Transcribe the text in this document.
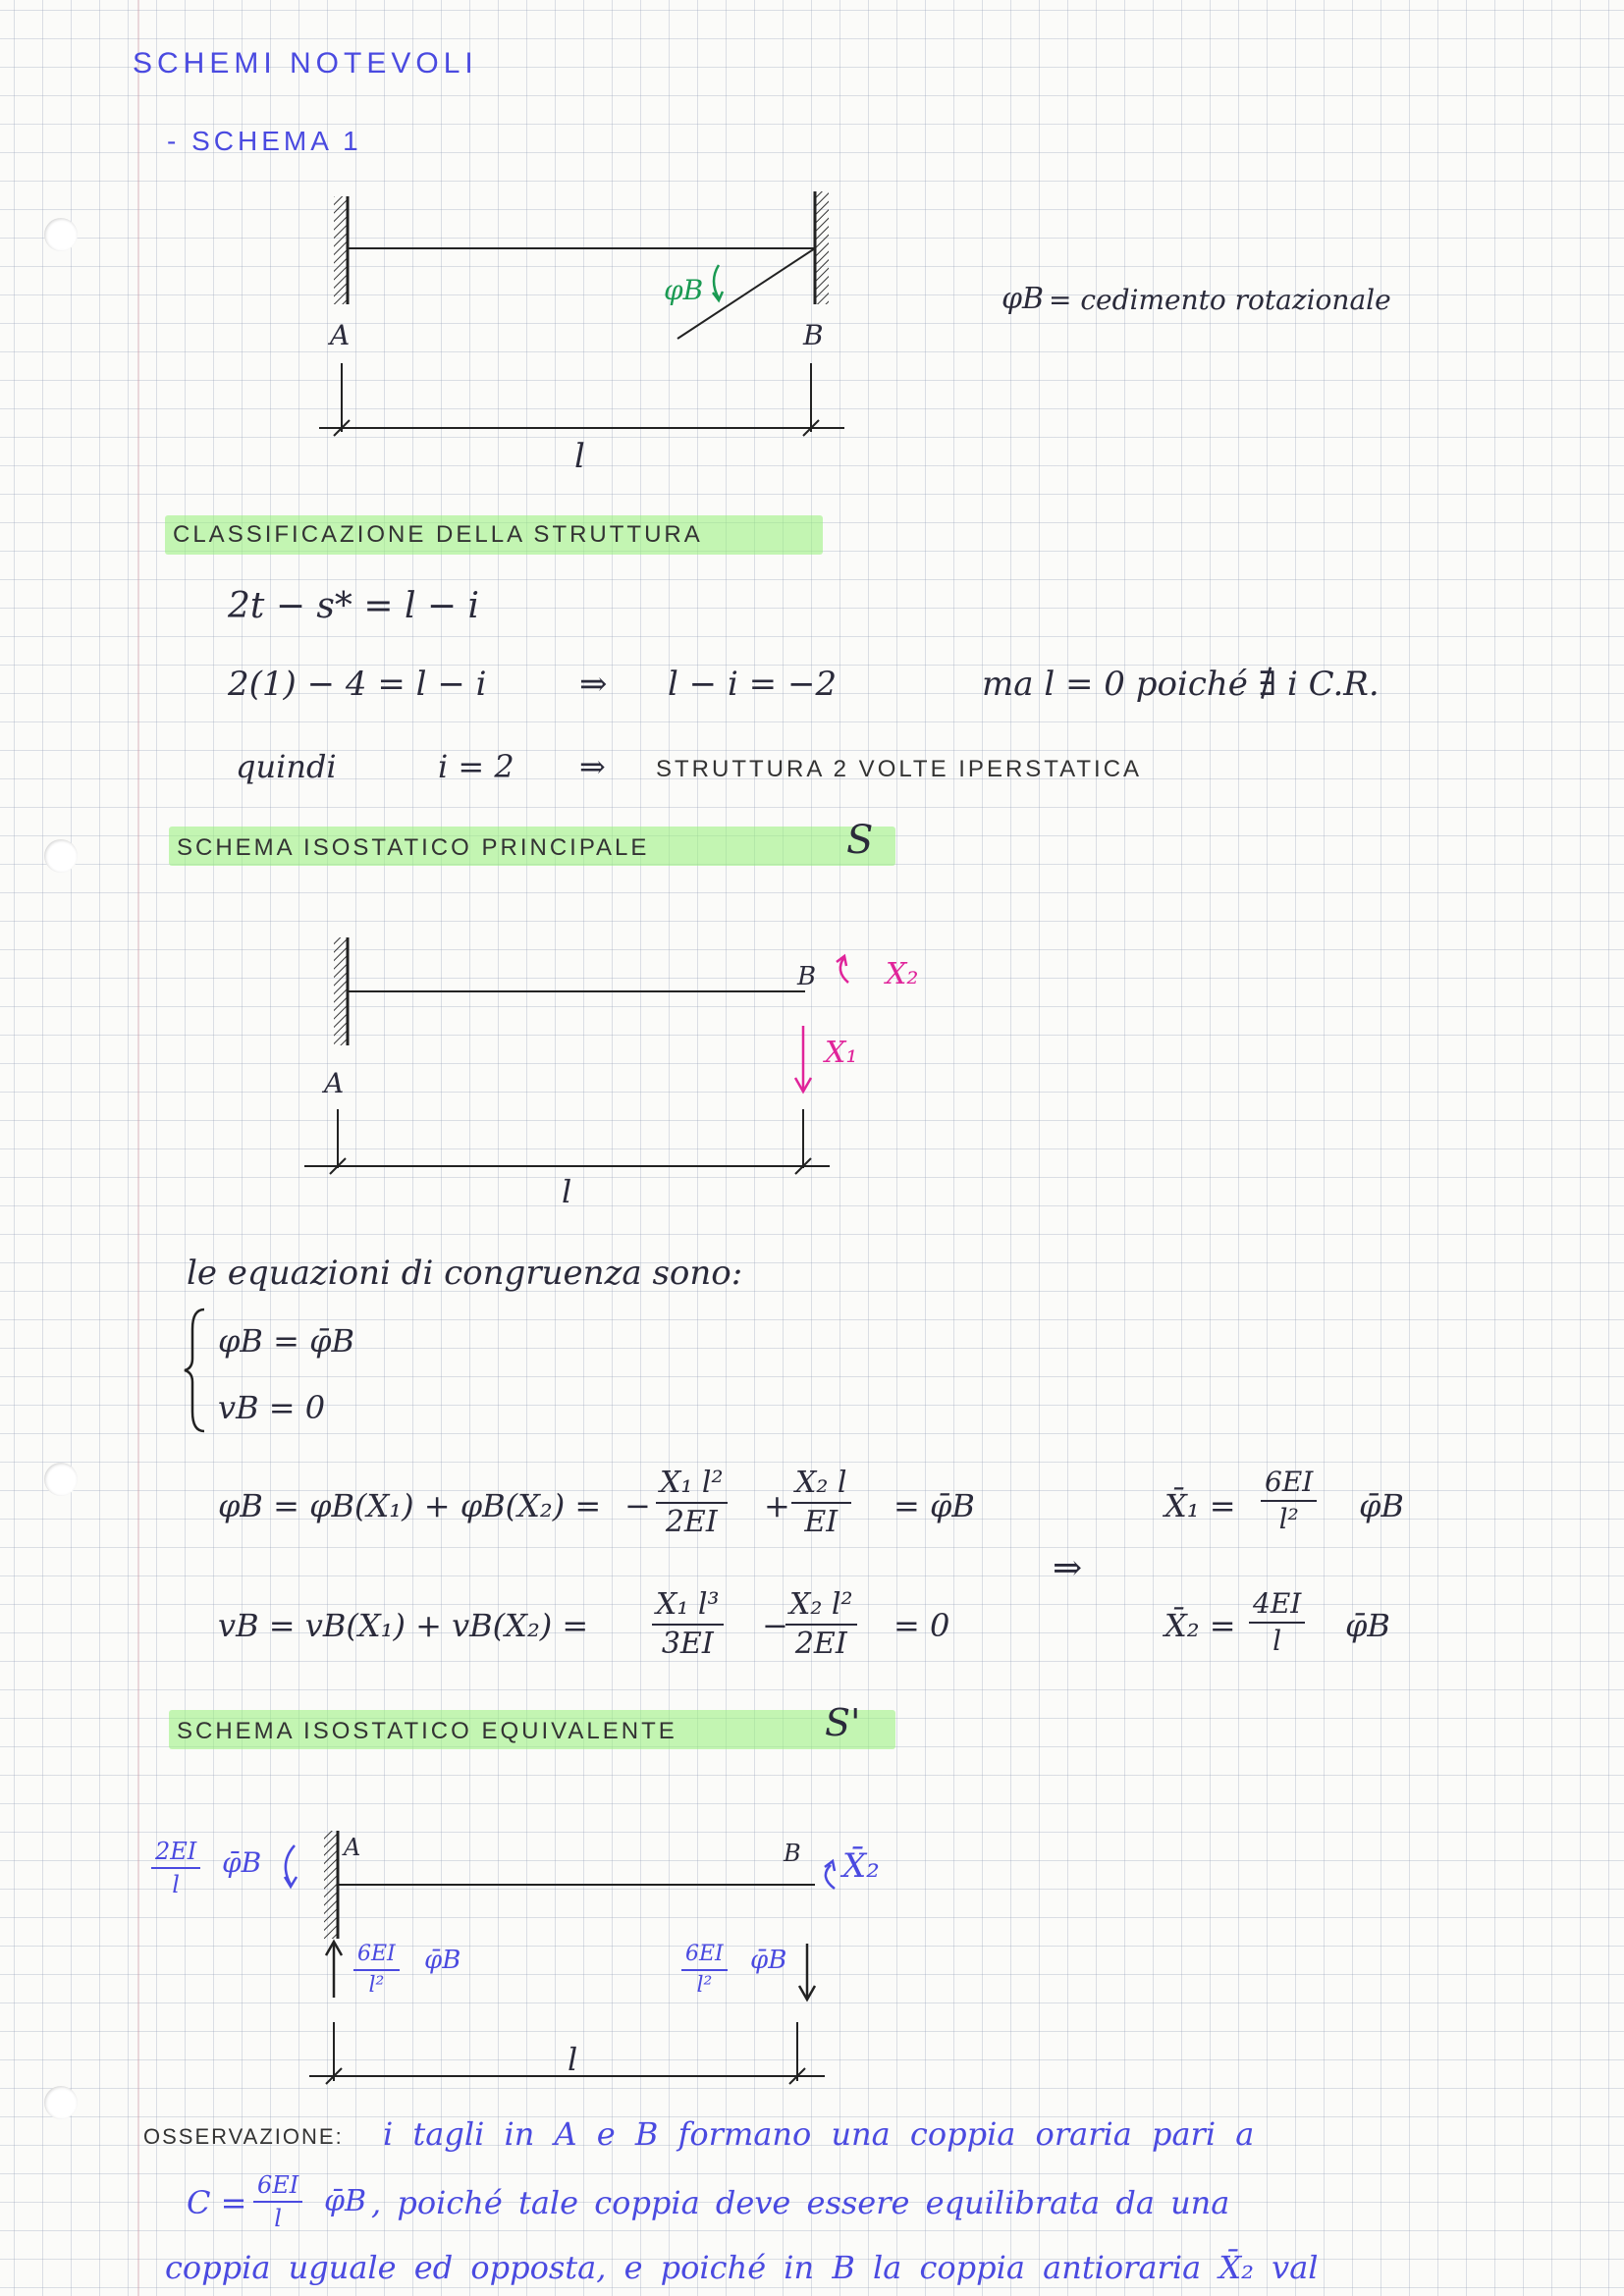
SCHEMI NOTEVOLI
- SCHEMA 1
A	B
l
φB	φB = cedimento rotazionale
CLASSIFICAZIONE DELLA STRUTTURA
2t − s* = l − i
2(1) − 4 = l − i	⇒ l − i = −2	ma l = 0 poiché ∄ i C.R.
quindi	i = 2 ⇒ STRUTTURA 2 VOLTE IPERSTATICA
SCHEMA ISOSTATICO PRINCIPALE	S
A
B X₂
X₁
l
le equazioni di congruenza sono:
φB = φ̄B
vB = 0
φB = φB(X₁) + φB(X₂) = − $\frac{\text{X₁ l²}}{2EI} + \frac{\text{X₂ l}}{EI}$ = φ̄B
vB = $vB(X_1) + vB(X_2) = \frac{\text{X₁ l³}}{3EI}$ −
$\frac{\text{X₂ l²}}{2EI} = 0$
⇒
X̄₁ = $\frac{6EI}{\text{l²}}$ φ̄B
X̄₂ = $\frac{4EI}{l}$ φ̄B
SCHEMA ISOSTATICO EQUIVALENTE	S'
$\frac{2EI}{l}$ φ̄B	A	B X̄₂
$\frac{6EI}{\text{l²}}$ φ̄B	$\frac{6EI}{\text{l²}}$ φ̄B
l
OSSERVAZIONE: i tagli in A e B formano una coppia oraria pari a
$C = \frac{6EI}{l}$ φ̄B , poiché tale coppia deve essere equilibrata da una
coppia uguale ed opposta, e poiché in B la coppia antioraria X̄₂ val
